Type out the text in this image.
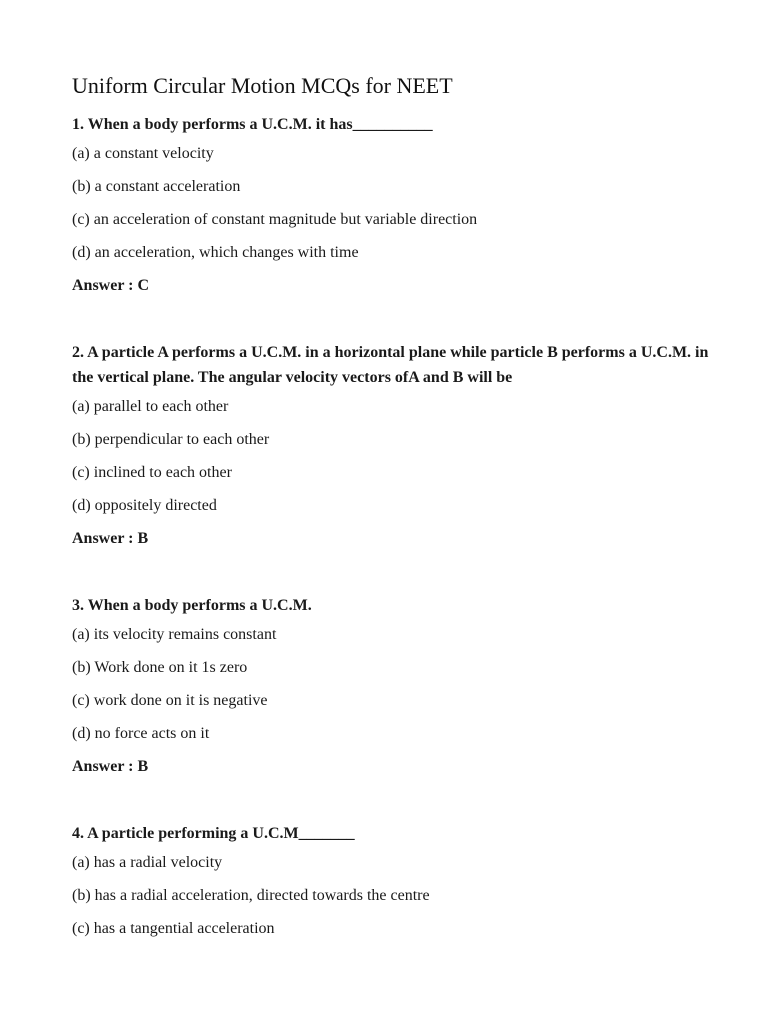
Uniform Circular Motion MCQs for NEET

1. When a body performs a U.C.M. it has__________

(a) a constant velocity

(b) a constant acceleration

(c) an acceleration of constant magnitude but variable direction

(d) an acceleration, which changes with time

Answer : C

2. A particle A performs a U.C.M. in a horizontal plane while particle B performs a U.C.M. in the vertical plane. The angular velocity vectors ofA and B will be

(a) parallel to each other

(b) perpendicular to each other

(c) inclined to each other

(d) oppositely directed

Answer : B

3. When a body performs a U.C.M.

(a) its velocity remains constant

(b) Work done on it 1s zero

(c) work done on it is negative

(d) no force acts on it

Answer : B

4. A particle performing a U.C.M_______

(a) has a radial velocity

(b) has a radial acceleration, directed towards the centre

(c) has a tangential acceleration
